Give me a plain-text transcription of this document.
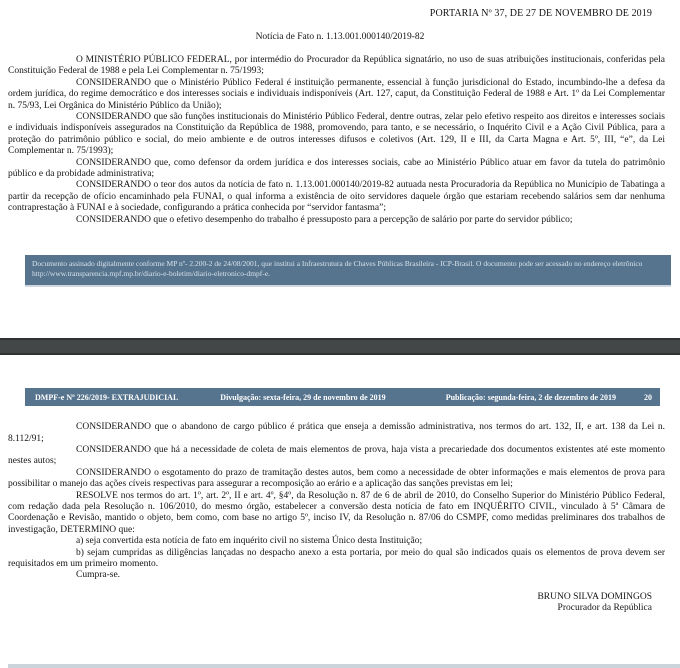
PORTARIA Nº 37, DE 27 DE NOVEMBRO DE 2019
Notícia de Fato n. 1.13.001.000140/2019-82

O MINISTÉRIO PÚBLICO FEDERAL, por intermédio do Procurador da República signatário, no uso de suas atribuições institucionais, conferidas pela Constituição Federal de 1988 e pela Lei Complementar n. 75/1993;

CONSIDERANDO que o Ministério Público Federal é instituição permanente, essencial à função jurisdicional do Estado, incumbindo-lhe a defesa da ordem jurídica, do regime democrático e dos interesses sociais e individuais indisponíveis (Art. 127, caput, da Constituição Federal de 1988 e Art. 1º da Lei Complementar n. 75/93, Lei Orgânica do Ministério Público da União);

CONSIDERANDO que são funções institucionais do Ministério Público Federal, dentre outras, zelar pelo efetivo respeito aos direitos e interesses sociais e individuais indisponíveis assegurados na Constituição da República de 1988, promovendo, para tanto, e se necessário, o Inquérito Civil e a Ação Civil Pública, para a proteção do patrimônio público e social, do meio ambiente e de outros interesses difusos e coletivos (Art. 129, II e III, da Carta Magna e Art. 5º, III, “e”, da Lei Complementar n. 75/1993);

CONSIDERANDO que, como defensor da ordem jurídica e dos interesses sociais, cabe ao Ministério Público atuar em favor da tutela do patrimônio público e da probidade administrativa;

CONSIDERANDO o teor dos autos da notícia de fato n. 1.13.001.000140/2019-82 autuada nesta Procuradoria da República no Município de Tabatinga a partir da recepção de ofício encaminhado pela FUNAI, o qual informa a existência de oito servidores daquele órgão que estariam recebendo salários sem dar nenhuma contraprestação à FUNAI e à sociedade, configurando a prática conhecida por “servidor fantasma”;

CONSIDERANDO que o efetivo desempenho do trabalho é pressuposto para a percepção de salário por parte do servidor público;

Documento assinado digitalmente conforme MP nº- 2.200-2 de 24/08/2001, que institui a Infraestrutura de Chaves Públicas Brasileira - ICP-Brasil. O documento pode ser acessado no endereço eletrônico http://www.transparencia.mpf.mp.br/diario-e-boletim/diario-eletronico-dmpf-e.
DMPF-e Nº 226/2019- EXTRAJUDICIAL	Divulgação: sexta-feira, 29 de novembro de 2019	Publicação: segunda-feira, 2 de dezembro de 2019	20

CONSIDERANDO que o abandono de cargo público é prática que enseja a demissão administrativa, nos termos do art. 132, II, e art. 138 da Lei n. 8.112/91;

CONSIDERANDO que há a necessidade de coleta de mais elementos de prova, haja vista a precariedade dos documentos existentes até este momento nestes autos;

CONSIDERANDO o esgotamento do prazo de tramitação destes autos, bem como a necessidade de obter informações e mais elementos de prova para possibilitar o manejo das ações cíveis respectivas para assegurar a recomposição ao erário e a aplicação das sanções previstas em lei;

RESOLVE nos termos do art. 1º, art. 2º, II e art. 4º, §4º, da Resolução n. 87 de 6 de abril de 2010, do Conselho Superior do Ministério Público Federal, com redação dada pela Resolução n. 106/2010, do mesmo órgão, estabelecer a conversão desta notícia de fato em INQUÉRITO CIVIL, vinculado à 5ª Câmara de Coordenação e Revisão, mantido o objeto, bem como, com base no artigo 5º, inciso IV, da Resolução n. 87/06 do CSMPF, como medidas preliminares dos trabalhos de investigação, DETERMINO que:

a) seja convertida esta notícia de fato em inquérito civil no sistema Único desta Instituição;

b) sejam cumpridas as diligências lançadas no despacho anexo a esta portaria, por meio do qual são indicados quais os elementos de prova devem ser requisitados em um primeiro momento.

Cumpra-se.

BRUNO SILVA DOMINGOS
Procurador da República
